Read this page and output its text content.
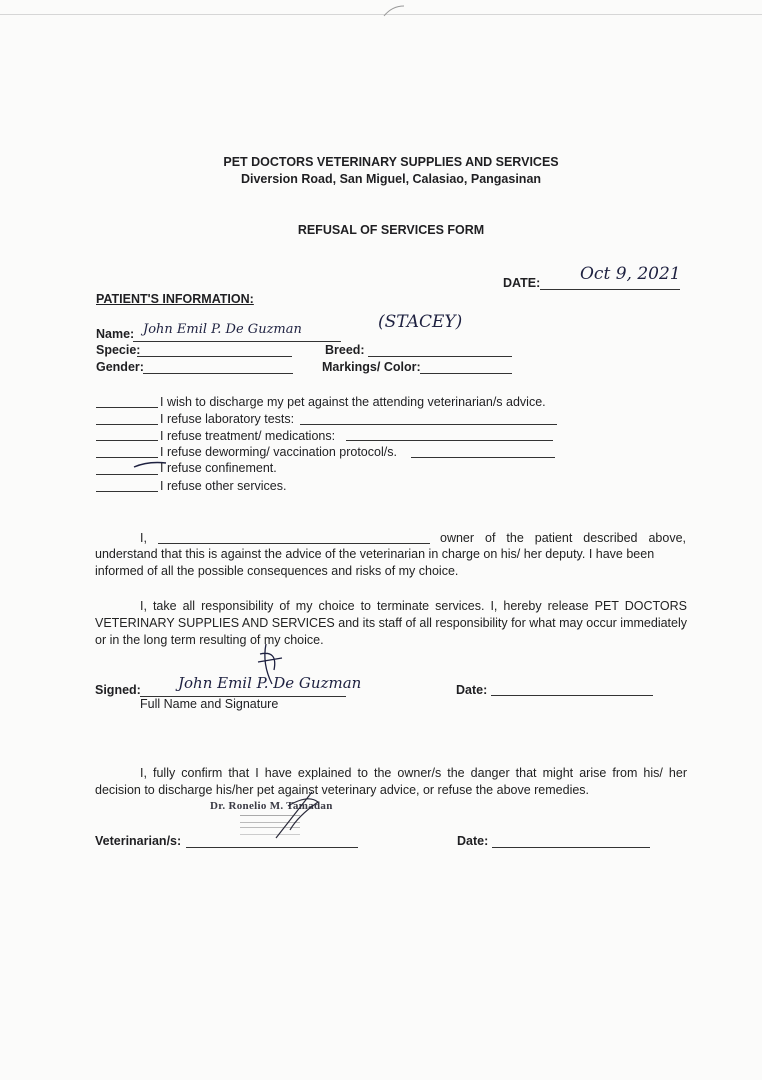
PET DOCTORS VETERINARY SUPPLIES AND SERVICES
Diversion Road, San Miguel, Calasiao, Pangasinan
REFUSAL OF SERVICES FORM
DATE: Oct 9, 2021
PATIENT'S INFORMATION:
Name: John Emil P. De Guzman	(STACEY)
Specie:	Breed:
Gender:	Markings/ Color:
I wish to discharge my pet against the attending veterinarian/s advice.
I refuse laboratory tests:
I refuse treatment/ medications:
I refuse deworming/ vaccination protocol/s.
I refuse confinement.
I refuse other services.
I,	owner of the patient described above,
understand that this is against the advice of the veterinarian in charge on his/ her deputy. I have been informed of all the possible consequences and risks of my choice.
I, take all responsibility of my choice to terminate services. I, hereby release PET DOCTORS VETERINARY SUPPLIES AND SERVICES and its staff of all responsibility for what may occur immediately or in the long term resulting of my choice.
Signed: John Emil P. De Guzman
Full Name and Signature
Date:
I, fully confirm that I have explained to the owner/s the danger that might arise from his/ her decision to discharge his/her pet against veterinary advice, or refuse the above remedies.
Dr. Ronelio M. Tamadan
Veterinarian/s:	Date:
